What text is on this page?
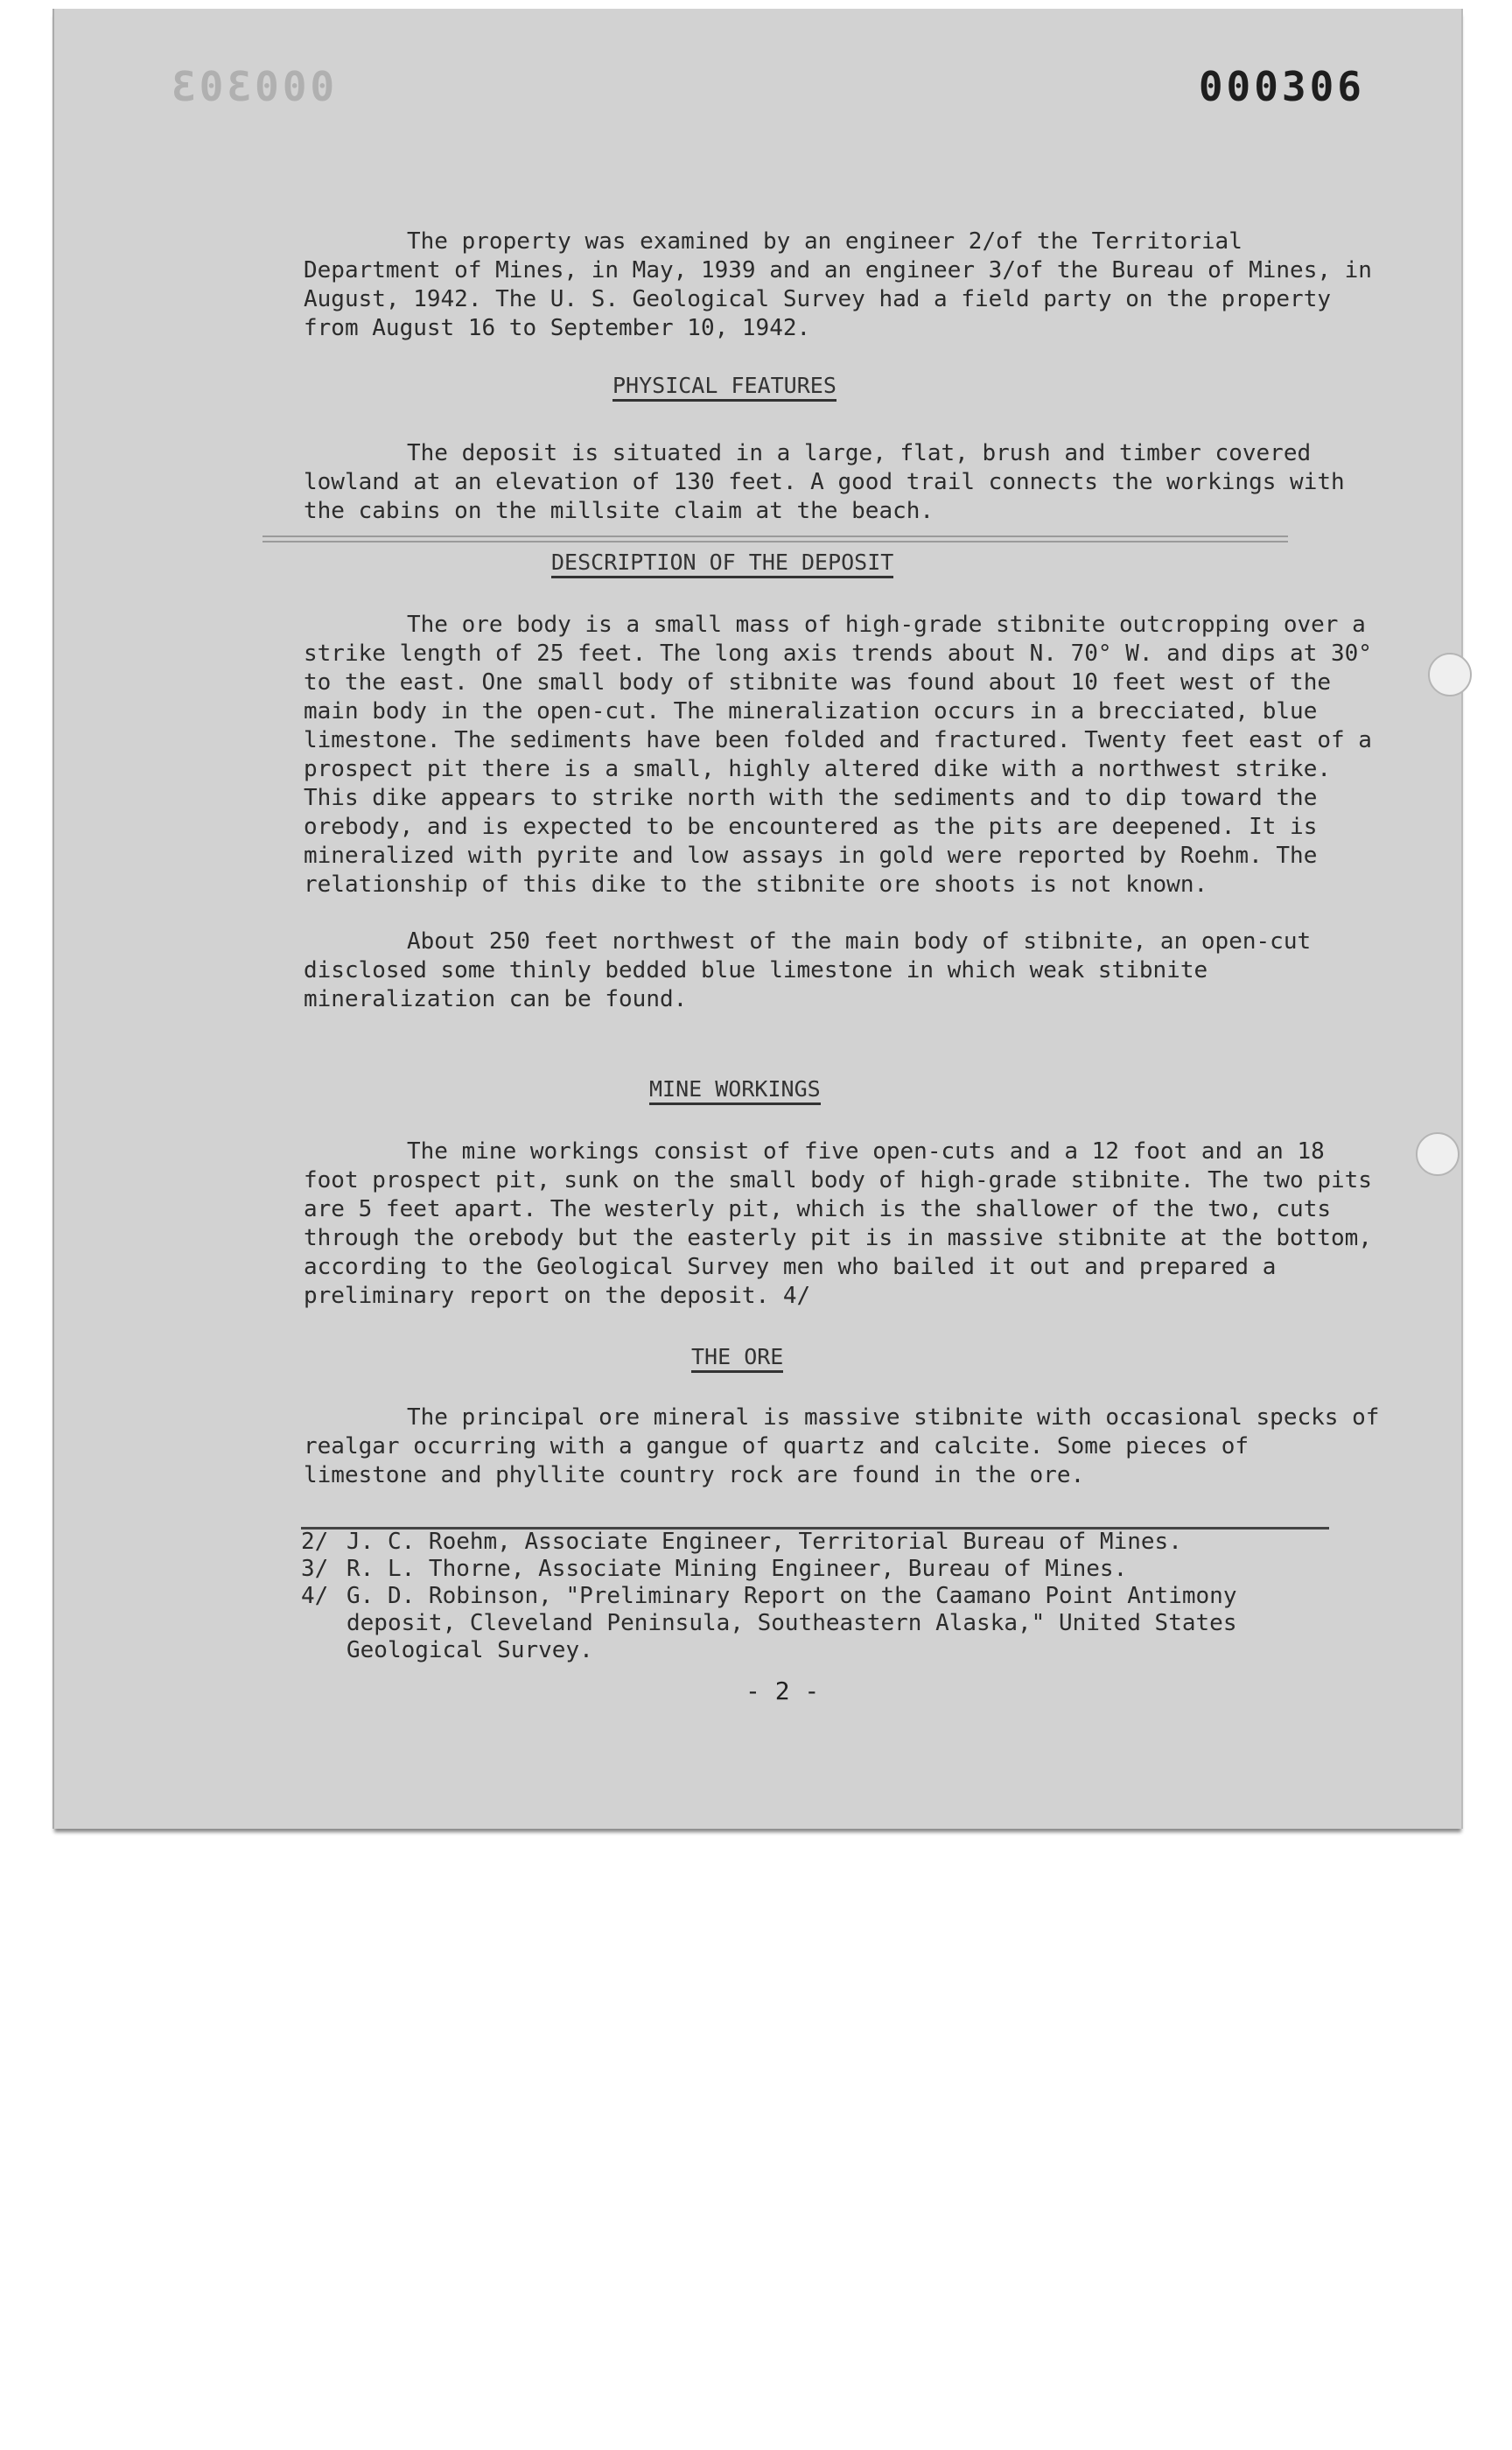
000303	000306

The property was examined by an engineer 2/of the Territorial Department of Mines, in May, 1939 and an engineer 3/of the Bureau of Mines, in August, 1942. The U. S. Geological Survey had a field party on the property from August 16 to September 10, 1942.

PHYSICAL FEATURES

The deposit is situated in a large, flat, brush and timber covered lowland at an elevation of 130 feet. A good trail connects the workings with the cabins on the millsite claim at the beach.

DESCRIPTION OF THE DEPOSIT

The ore body is a small mass of high-grade stibnite outcropping over a strike length of 25 feet. The long axis trends about N. 70° W. and dips at 30° to the east. One small body of stibnite was found about 10 feet west of the main body in the open-cut. The mineralization occurs in a brecciated, blue limestone. The sediments have been folded and fractured. Twenty feet east of a prospect pit there is a small, highly altered dike with a northwest strike. This dike appears to strike north with the sediments and to dip toward the orebody, and is expected to be encountered as the pits are deepened. It is mineralized with pyrite and low assays in gold were reported by Roehm. The relationship of this dike to the stibnite ore shoots is not known.

About 250 feet northwest of the main body of stibnite, an open-cut disclosed some thinly bedded blue limestone in which weak stibnite mineralization can be found.

MINE WORKINGS

The mine workings consist of five open-cuts and a 12 foot and an 18 foot prospect pit, sunk on the small body of high-grade stibnite. The two pits are 5 feet apart. The westerly pit, which is the shallower of the two, cuts through the orebody but the easterly pit is in massive stibnite at the bottom, according to the Geological Survey men who bailed it out and prepared a preliminary report on the deposit. 4/

THE ORE

The principal ore mineral is massive stibnite with occasional specks of realgar occurring with a gangue of quartz and calcite. Some pieces of limestone and phyllite country rock are found in the ore.

2/ J. C. Roehm, Associate Engineer, Territorial Bureau of Mines.
3/ R. L. Thorne, Associate Mining Engineer, Bureau of Mines.
4/ G. D. Robinson, "Preliminary Report on the Caamano Point Antimony deposit, Cleveland Peninsula, Southeastern Alaska," United States Geological Survey.
- 2 -
